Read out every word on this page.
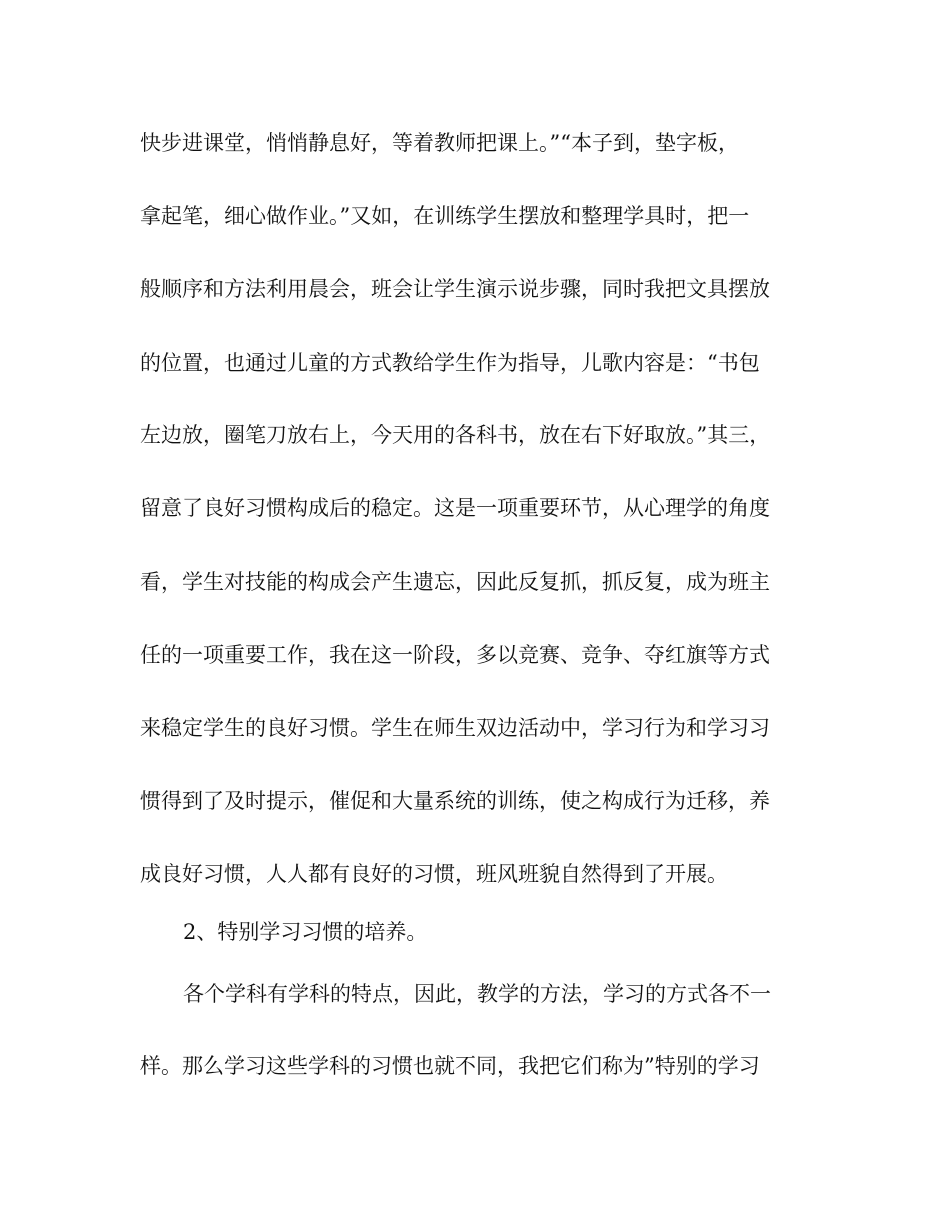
快步进课堂，悄悄静息好，等着教师把课上。”“本子到，垫字板，
拿起笔，细心做作业。”又如，在训练学生摆放和整理学具时，把一
般顺序和方法利用晨会，班会让学生演示说步骤，同时我把文具摆放
的位置，也通过儿童的方式教给学生作为指导，儿歌内容是：“书包
左边放，圈笔刀放右上，今天用的各科书，放在右下好取放。”其三，
留意了良好习惯构成后的稳定。这是一项重要环节，从心理学的角度
看，学生对技能的构成会产生遗忘，因此反复抓，抓反复，成为班主
任的一项重要工作，我在这一阶段，多以竞赛、竞争、夺红旗等方式
来稳定学生的良好习惯。学生在师生双边活动中，学习行为和学习习
惯得到了及时提示，催促和大量系统的训练，使之构成行为迁移，养
成良好习惯，人人都有良好的习惯，班风班貌自然得到了开展。
2、特别学习习惯的培养。
各个学科有学科的特点，因此，教学的方法，学习的方式各不一
样。那么学习这些学科的习惯也就不同，我把它们称为”特别的学习
